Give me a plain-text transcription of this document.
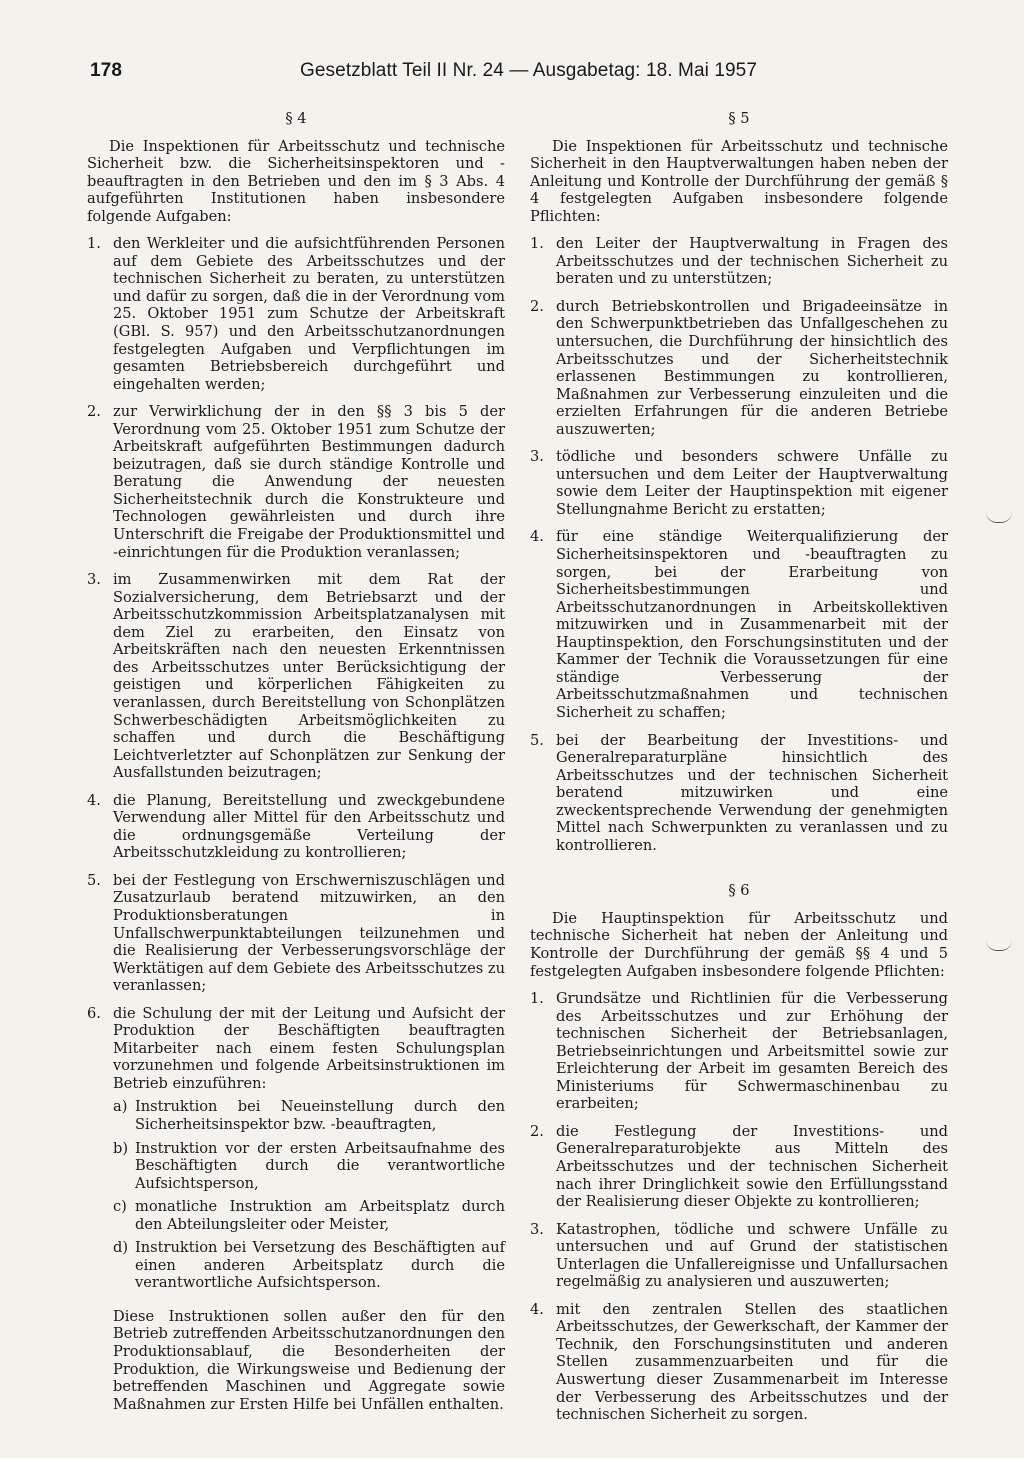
178	Gesetzblatt Teil II Nr. 24 — Ausgabetag: 18. Mai 1957
§ 4

Die Inspektionen für Arbeitsschutz und technische Sicherheit bzw. die Sicherheitsinspektoren und -beauftragten in den Betrieben und den im § 3 Abs. 4 aufgeführten Institutionen haben insbesondere folgende Aufgaben:

1. den Werkleiter und die aufsichtführenden Personen auf dem Gebiete des Arbeitsschutzes und der technischen Sicherheit zu beraten, zu unterstützen und dafür zu sorgen, daß die in der Verordnung vom 25. Oktober 1951 zum Schutze der Arbeitskraft (GBl. S. 957) und den Arbeitsschutzanordnungen festgelegten Aufgaben und Verpflichtungen im gesamten Betriebsbereich durchgeführt und eingehalten werden;
2. zur Verwirklichung der in den §§ 3 bis 5 der Verordnung vom 25. Oktober 1951 zum Schutze der Arbeitskraft aufgeführten Bestimmungen dadurch beizutragen, daß sie durch ständige Kontrolle und Beratung die Anwendung der neuesten Sicherheitstechnik durch die Konstrukteure und Technologen gewährleisten und durch ihre Unterschrift die Freigabe der Produktionsmittel und -einrichtungen für die Produktion veranlassen;
3. im Zusammenwirken mit dem Rat der Sozialversicherung, dem Betriebsarzt und der Arbeitsschutzkommission Arbeitsplatzanalysen mit dem Ziel zu erarbeiten, den Einsatz von Arbeitskräften nach den neuesten Erkenntnissen des Arbeitsschutzes unter Berücksichtigung der geistigen und körperlichen Fähigkeiten zu veranlassen, durch Bereitstellung von Schonplätzen Schwerbeschädigten Arbeitsmöglichkeiten zu schaffen und durch die Beschäftigung Leichtverletzter auf Schonplätzen zur Senkung der Ausfallstunden beizutragen;
4. die Planung, Bereitstellung und zweckgebundene Verwendung aller Mittel für den Arbeitsschutz und die ordnungsgemäße Verteilung der Arbeitsschutzkleidung zu kontrollieren;
5. bei der Festlegung von Erschwerniszuschlägen und Zusatzurlaub beratend mitzuwirken, an den Produktionsberatungen in Unfallschwerpunktabteilungen teilzunehmen und die Realisierung der Verbesserungsvorschläge der Werktätigen auf dem Gebiete des Arbeitsschutzes zu veranlassen;
6. die Schulung der mit der Leitung und Aufsicht der Produktion der Beschäftigten beauftragten Mitarbeiter nach einem festen Schulungsplan vorzunehmen und folgende Arbeitsinstruktionen im Betrieb einzuführen:
a) Instruktion bei Neueinstellung durch den Sicherheitsinspektor bzw. -beauftragten,
b) Instruktion vor der ersten Arbeitsaufnahme des Beschäftigten durch die verantwortliche Aufsichtsperson,
c) monatliche Instruktion am Arbeitsplatz durch den Abteilungsleiter oder Meister,
d) Instruktion bei Versetzung des Beschäftigten auf einen anderen Arbeitsplatz durch die verantwortliche Aufsichtsperson.

Diese Instruktionen sollen außer den für den Betrieb zutreffenden Arbeitsschutzanordnungen den Produktionsablauf, die Besonderheiten der Produktion, die Wirkungsweise und Bedienung der betreffenden Maschinen und Aggregate sowie Maßnahmen zur Ersten Hilfe bei Unfällen enthalten.

§ 5

Die Inspektionen für Arbeitsschutz und technische Sicherheit in den Hauptverwaltungen haben neben der Anleitung und Kontrolle der Durchführung der gemäß § 4 festgelegten Aufgaben insbesondere folgende Pflichten:

1. den Leiter der Hauptverwaltung in Fragen des Arbeitsschutzes und der technischen Sicherheit zu beraten und zu unterstützen;
2. durch Betriebskontrollen und Brigadeeinsätze in den Schwerpunktbetrieben das Unfallgeschehen zu untersuchen, die Durchführung der hinsichtlich des Arbeitsschutzes und der Sicherheitstechnik erlassenen Bestimmungen zu kontrollieren, Maßnahmen zur Verbesserung einzuleiten und die erzielten Erfahrungen für die anderen Betriebe auszuwerten;
3. tödliche und besonders schwere Unfälle zu untersuchen und dem Leiter der Hauptverwaltung sowie dem Leiter der Hauptinspektion mit eigener Stellungnahme Bericht zu erstatten;
4. für eine ständige Weiterqualifizierung der Sicherheitsinspektoren und -beauftragten zu sorgen, bei der Erarbeitung von Sicherheitsbestimmungen und Arbeitsschutzanordnungen in Arbeitskollektiven mitzuwirken und in Zusammenarbeit mit der Hauptinspektion, den Forschungsinstituten und der Kammer der Technik die Voraussetzungen für eine ständige Verbesserung der Arbeitsschutzmaßnahmen und technischen Sicherheit zu schaffen;
5. bei der Bearbeitung der Investitions- und Generalreparaturpläne hinsichtlich des Arbeitsschutzes und der technischen Sicherheit beratend mitzuwirken und eine zweckentsprechende Verwendung der genehmigten Mittel nach Schwerpunkten zu veranlassen und zu kontrollieren.
§ 6

Die Hauptinspektion für Arbeitsschutz und technische Sicherheit hat neben der Anleitung und Kontrolle der Durchführung der gemäß §§ 4 und 5 festgelegten Aufgaben insbesondere folgende Pflichten:

1. Grundsätze und Richtlinien für die Verbesserung des Arbeitsschutzes und zur Erhöhung der technischen Sicherheit der Betriebsanlagen, Betriebseinrichtungen und Arbeitsmittel sowie zur Erleichterung der Arbeit im gesamten Bereich des Ministeriums für Schwermaschinenbau zu erarbeiten;
2. die Festlegung der Investitions- und Generalreparaturobjekte aus Mitteln des Arbeitsschutzes und der technischen Sicherheit nach ihrer Dringlichkeit sowie den Erfüllungsstand der Realisierung dieser Objekte zu kontrollieren;
3. Katastrophen, tödliche und schwere Unfälle zu untersuchen und auf Grund der statistischen Unterlagen die Unfallereignisse und Unfallursachen regelmäßig zu analysieren und auszuwerten;
4. mit den zentralen Stellen des staatlichen Arbeitsschutzes, der Gewerkschaft, der Kammer der Technik, den Forschungsinstituten und anderen Stellen zusammenzuarbeiten und für die Auswertung dieser Zusammenarbeit im Interesse der Verbesserung des Arbeitsschutzes und der technischen Sicherheit zu sorgen.
